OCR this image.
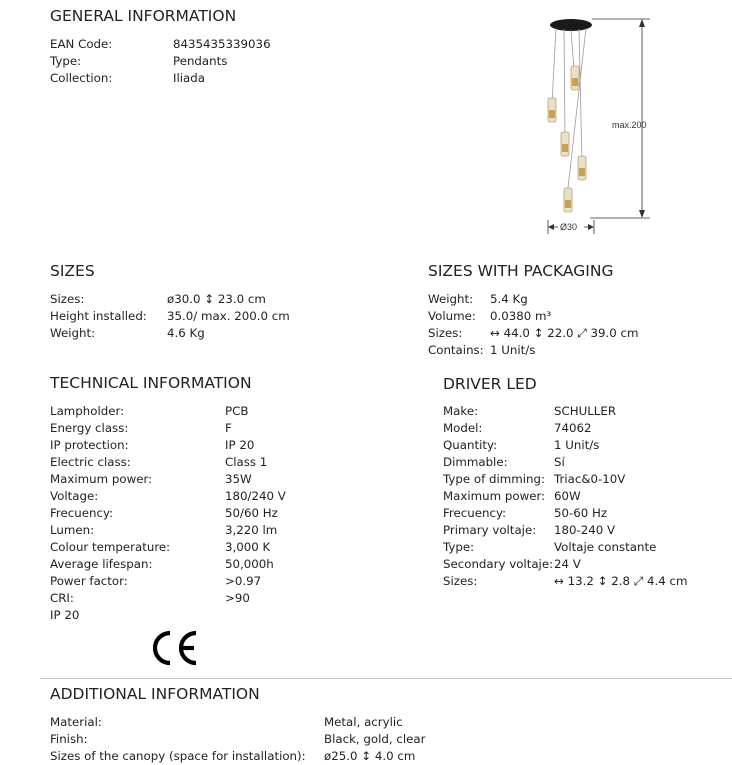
GENERAL INFORMATION
EAN Code:	8435435339036
Type:	Pendants
Collection:	Iliada
max.200
Ø30
SIZES
Sizes:	ø30.0 ↕ 23.0 cm
Height installed: 35.0/ max. 200.0 cm
Weight:	4.6 Kg
SIZES WITH PACKAGING
Weight: 5.4 Kg
Volume: 0.0380 m³
Sizes: ↔ 44.0 ↕ 22.0 ⤢ 39.0 cm
Contains: 1 Unit/s
TECHNICAL INFORMATION
Lampholder:	PCB
Energy class:	F
IP protection:	IP 20
Electric class:	Class 1
Maximum power:	35W
Voltage:	180/240 V
Frecuency:	50/60 Hz
Lumen:	3,220 lm
Colour temperature:	3,000 K
Average lifespan:	50,000h
Power factor:	>0.97
CRI:	>90
IP 20
DRIVER LED
Make:	SCHULLER
Model:	74062
Quantity:	1 Unit/s
Dimmable:	Sí
Type of dimming: Triac&0-10V
Maximum power: 60W
Frecuency:	50-60 Hz
Primary voltaje: 180-240 V
Type:	Voltaje constante
Secondary voltaje: 24 V
Sizes:	↔ 13.2 ↕ 2.8 ⤢ 4.4 cm
ADDITIONAL INFORMATION
Material:	Metal, acrylic
Finish:	Black, gold, clear
Sizes of the canopy (space for installation): ø25.0 ↕ 4.0 cm
